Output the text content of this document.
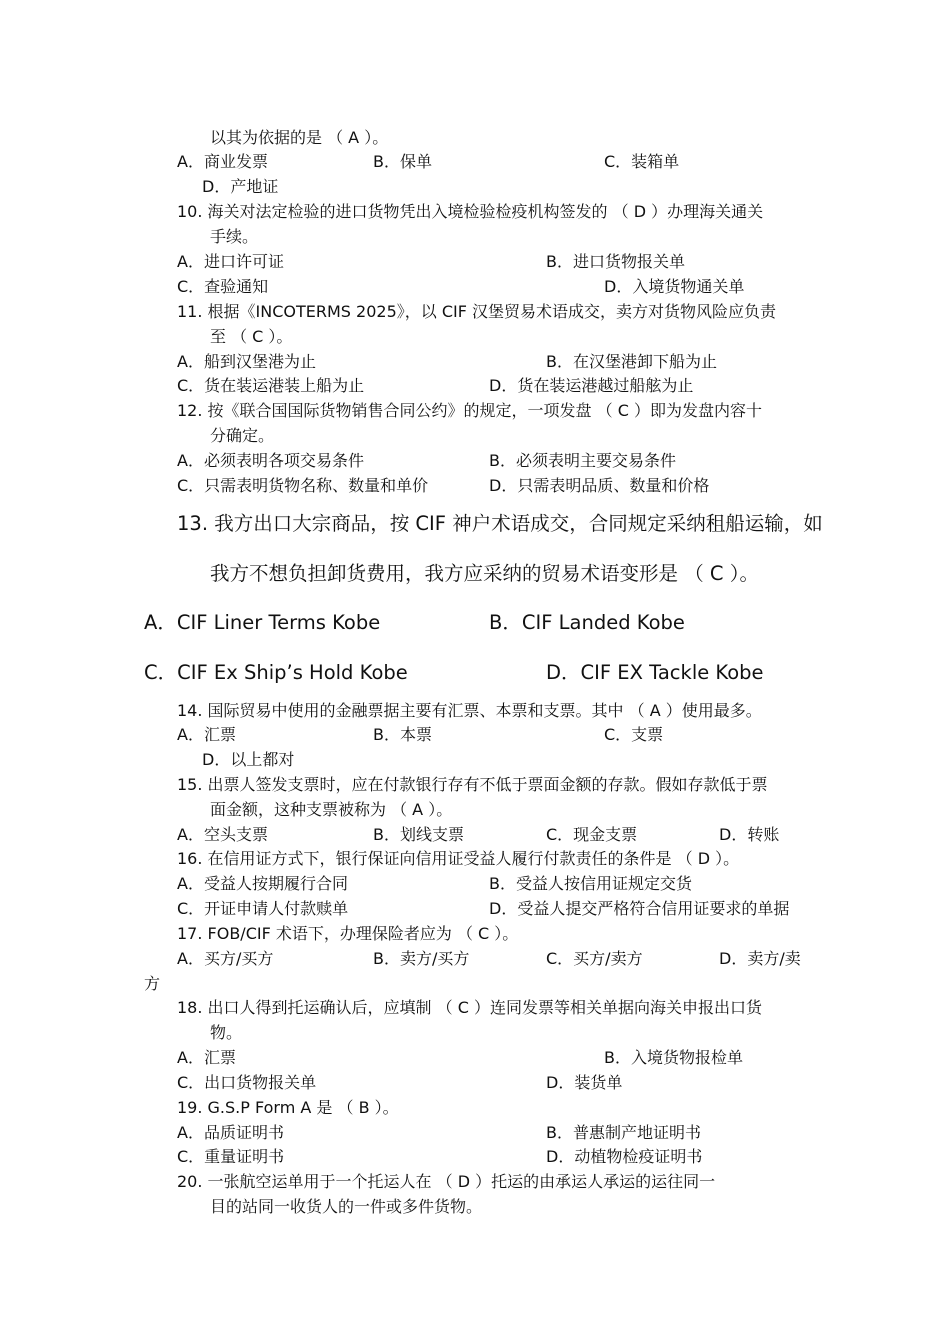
以其为依据的是 （ A ）。
A．商业发票	B．保单	C．装箱单
D．产地证
10. 海关对法定检验的进口货物凭出入境检验检疫机构签发的 （ D ）办理海关通关
手续。
A．进口许可证	B．进口货物报关单
C．查验通知	D．入境货物通关单
11. 根据《INCOTERMS 2025》，以 CIF 汉堡贸易术语成交，卖方对货物风险应负责
至 （ C ）。
A．船到汉堡港为止	B．在汉堡港卸下船为止
C．货在装运港装上船为止	D．货在装运港越过船舷为止
12. 按《联合国国际货物销售合同公约》的规定，一项发盘 （ C ）即为发盘内容十
分确定。
A．必须表明各项交易条件	B．必须表明主要交易条件
C．只需表明货物名称、数量和单价	D．只需表明品质、数量和价格
13. 我方出口大宗商品，按 CIF 神户术语成交，合同规定采纳租船运输，如
我方不想负担卸货费用，我方应采纳的贸易术语变形是 （ C ）。
A．CIF Liner Terms Kobe	B．CIF Landed Kobe
C．CIF Ex Ship’s Hold Kobe	D．CIF EX Tackle Kobe
14. 国际贸易中使用的金融票据主要有汇票、本票和支票。其中 （ A ）使用最多。
A．汇票	B．本票	C．支票
D．以上都对
15. 出票人签发支票时，应在付款银行存有不低于票面金额的存款。假如存款低于票
面金额，这种支票被称为 （ A ）。
A．空头支票	B．划线支票	C．现金支票	D．转账
16. 在信用证方式下，银行保证向信用证受益人履行付款责任的条件是 （ D ）。
A．受益人按期履行合同	B．受益人按信用证规定交货
C．开证申请人付款赎单	D．受益人提交严格符合信用证要求的单据
17. FOB/CIF 术语下，办理保险者应为 （ C ）。
A．买方/买方	B．卖方/买方	C．买方/卖方	D．卖方/卖
方
18. 出口人得到托运确认后，应填制 （ C ）连同发票等相关单据向海关申报出口货
物。
A．汇票	B．入境货物报检单
C．出口货物报关单	D．装货单
19. G.S.P Form A 是 （ B ）。
A．品质证明书	B．普惠制产地证明书
C．重量证明书	D．动植物检疫证明书
20. 一张航空运单用于一个托运人在 （ D ）托运的由承运人承运的运往同一
目的站同一收货人的一件或多件货物。
